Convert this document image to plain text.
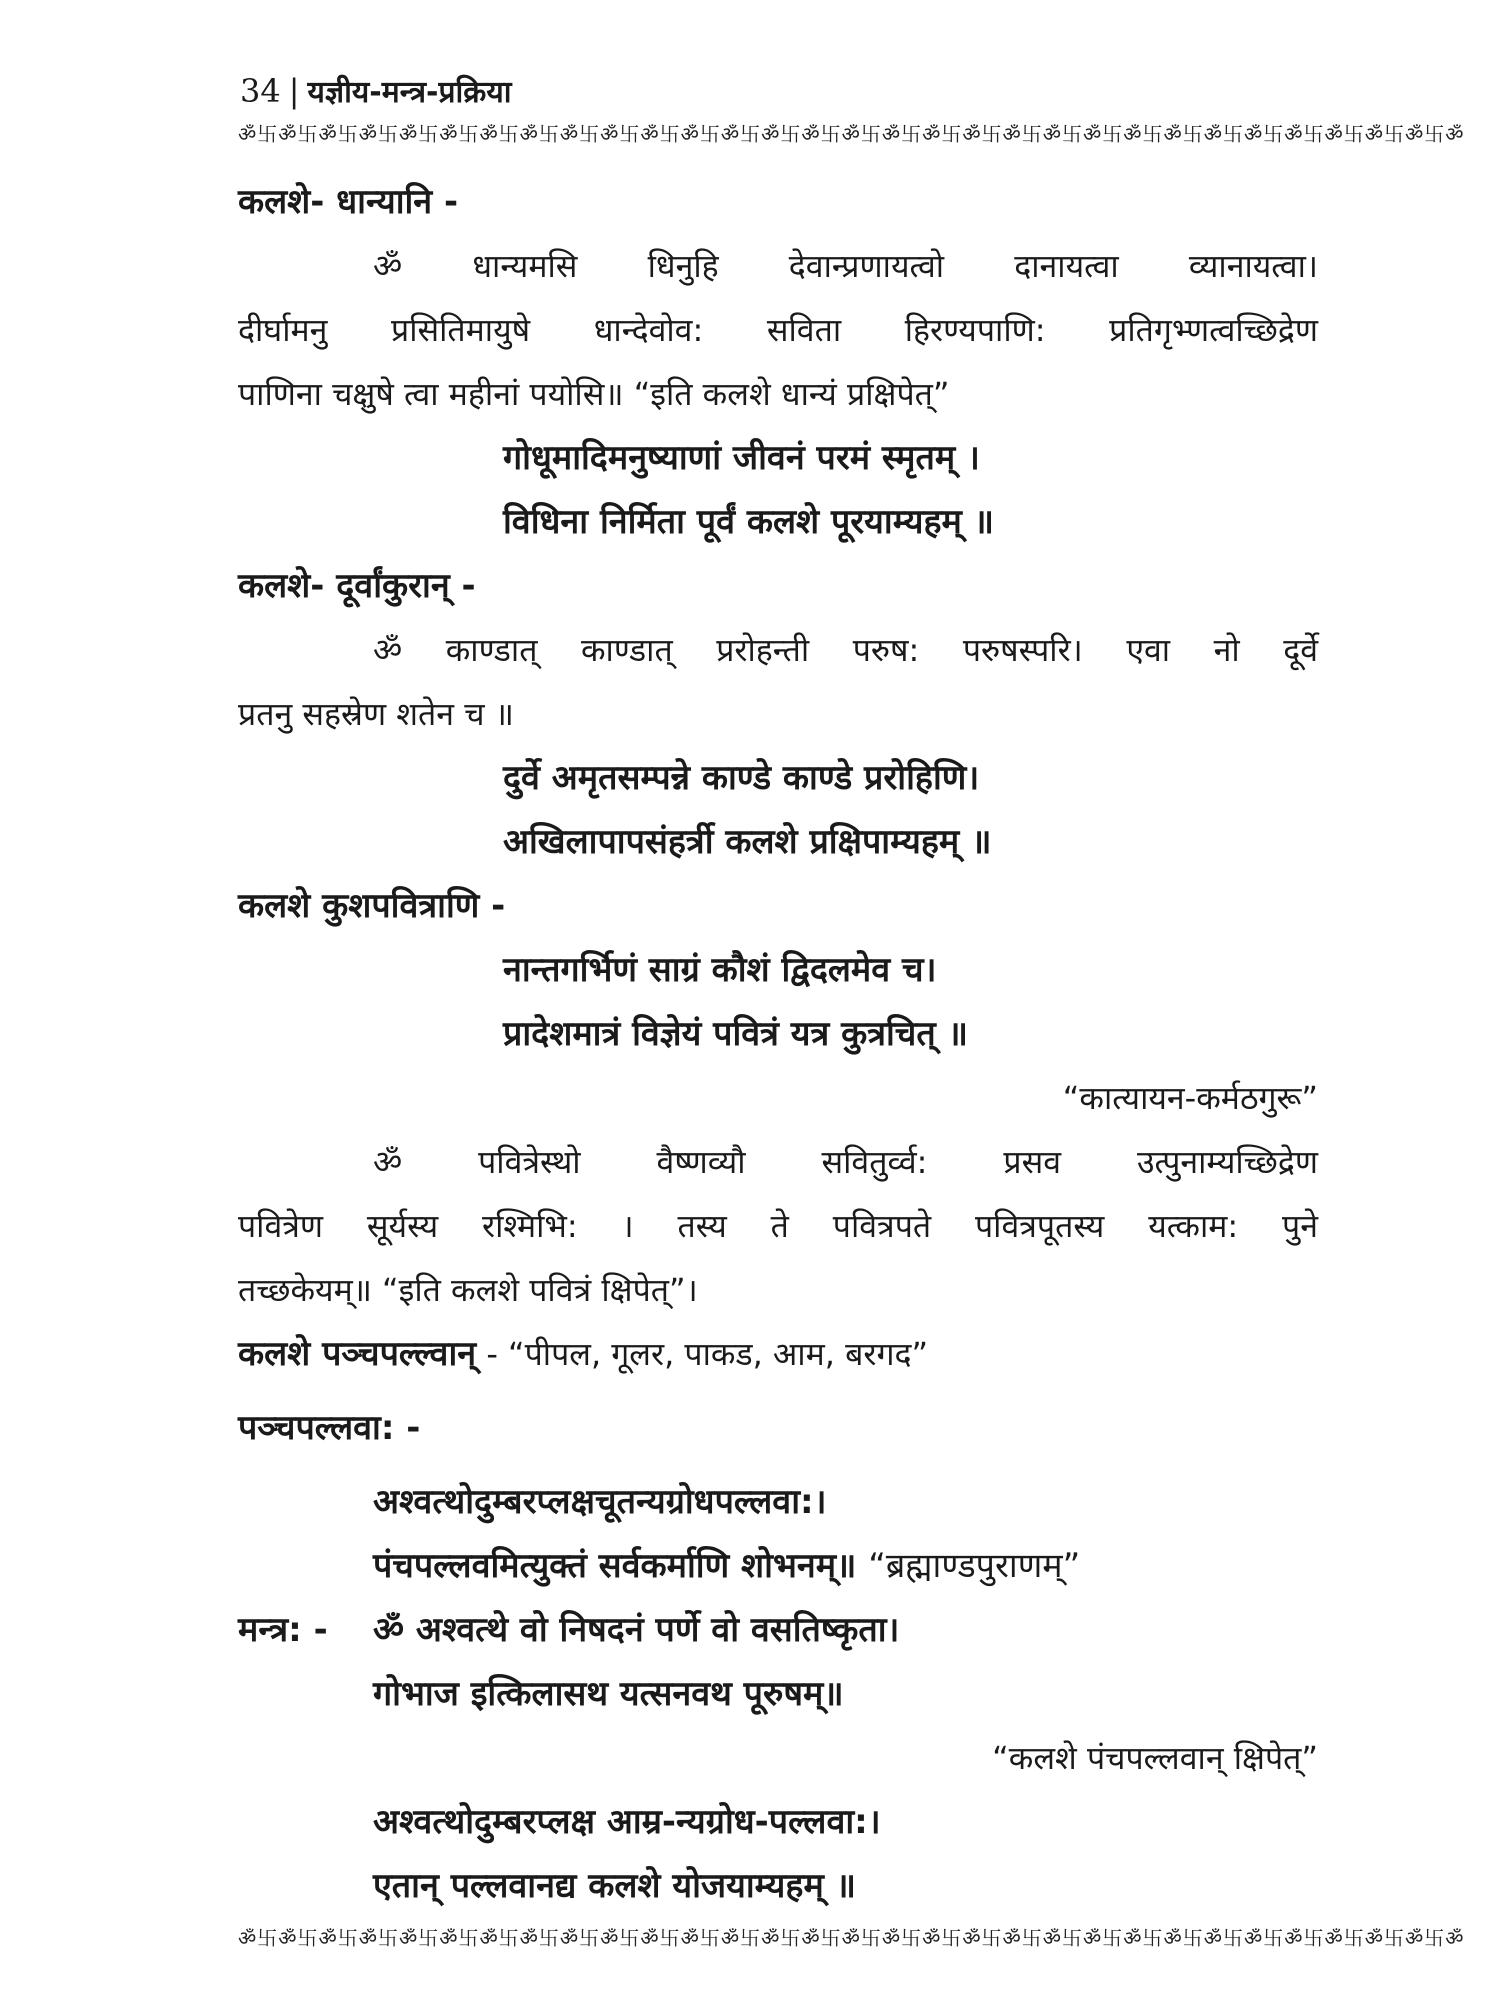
34 | यज्ञीय-मन्त्र-प्रक्रिया
ॐ卐ॐ卐ॐ卐ॐ卐ॐ卐ॐ卐ॐ卐ॐ卐ॐ卐ॐ卐ॐ卐ॐ卐ॐ卐ॐ卐ॐ卐ॐ卐ॐ卐ॐ卐ॐ卐ॐ卐ॐ卐ॐ卐ॐ卐ॐ卐ॐ卐ॐ卐ॐ卐ॐ卐ॐ卐ॐ卐ॐ
कलशे- धान्यानि -
ॐ धान्यमसि धिनुहि देवान्प्रणायत्वो दानायत्वा व्यानायत्वा।
दीर्घामनु प्रसितिमायुषे धान्देवोव: सविता हिरण्यपाणि: प्रतिगृभ्णत्वच्छिद्रेण
पाणिना चक्षुषे त्वा महीनां पयोसि॥ “इति कलशे धान्यं प्रक्षिपेत्”
गोधूमादिमनुष्याणां जीवनं परमं स्मृतम् ।
विधिना निर्मिता पूर्वं कलशे पूरयाम्यहम् ॥
कलशे- दूर्वांकुरान् -
ॐ काण्डात् काण्डात् प्ररोहन्ती परुष: परुषस्परि। एवा नो दूर्वे
प्रतनु सहस्रेण शतेन च ॥
दुर्वे अमृतसम्पन्ने काण्डे काण्डे प्ररोहिणि।
अखिलापापसंहर्त्री कलशे प्रक्षिपाम्यहम् ॥
कलशे कुशपवित्राणि -
नान्तगर्भिणं साग्रं कौशं द्विदलमेव च।
प्रादेशमात्रं विज्ञेयं पवित्रं यत्र कुत्रचित् ॥
“कात्यायन-कर्मठगुरू”
ॐ पवित्रेस्थो वैष्णव्यौ सवितुर्व्व: प्रसव उत्पुनाम्यच्छिद्रेण
पवित्रेण सूर्यस्य रश्मिभि: । तस्य ते पवित्रपते पवित्रपूतस्य यत्काम: पुने
तच्छकेयम्॥ “इति कलशे पवित्रं क्षिपेत्”।
कलशे पञ्चपल्ल्वान् - “पीपल, गूलर, पाकड, आम, बरगद”
पञ्चपल्लवा: -
अश्वत्थोदुम्बरप्लक्षचूतन्यग्रोधपल्लवा:।
पंचपल्लवमित्युक्तं सर्वकर्माणि शोभनम्॥ “ब्रह्माण्डपुराणम्”
मन्त्र: - ॐ अश्वत्थे वो निषदनं पर्णे वो वसतिष्कृता।
गोभाज इत्किलासथ यत्सनवथ पूरुषम्॥
“कलशे पंचपल्लवान् क्षिपेत्”
अश्वत्थोदुम्बरप्लक्ष आम्र-न्यग्रोध-पल्लवा:।
एतान् पल्लवानद्य कलशे योजयाम्यहम् ॥
ॐ卐ॐ卐ॐ卐ॐ卐ॐ卐ॐ卐ॐ卐ॐ卐ॐ卐ॐ卐ॐ卐ॐ卐ॐ卐ॐ卐ॐ卐ॐ卐ॐ卐ॐ卐ॐ卐ॐ卐ॐ卐ॐ卐ॐ卐ॐ卐ॐ卐ॐ卐ॐ卐ॐ卐ॐ卐ॐ卐ॐ
